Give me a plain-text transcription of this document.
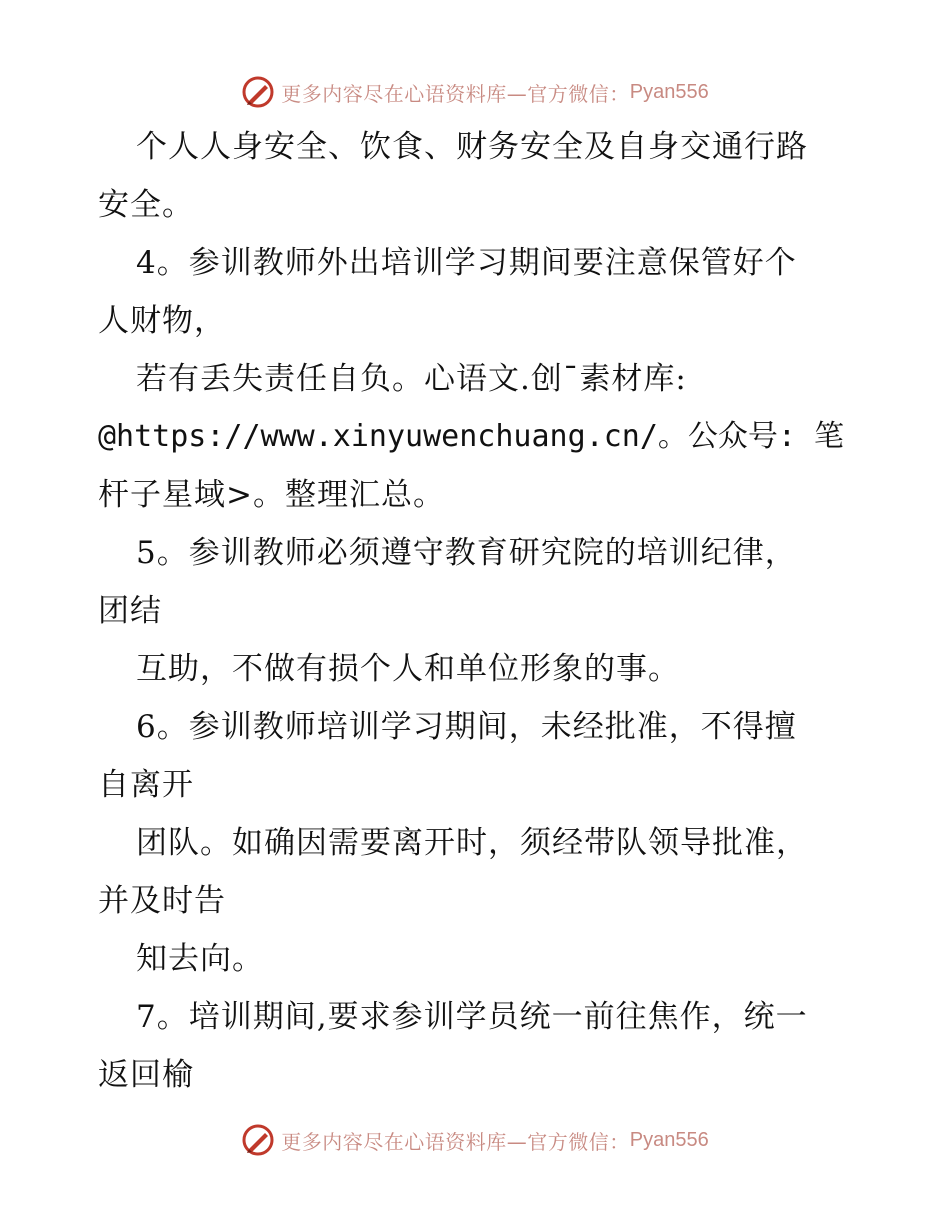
更多内容尽在心语资料库—官方微信： Pyan556
个人人身安全、饮食、财务安全及自身交通行路
安全。
4。参训教师外出培训学习期间要注意保管好个
人财物，
若有丢失责任自负。心语文.创¯素材库:
@https://www.xinyuwenchuang.cn/。公众号: 笔
杆子星域>。整理汇总。
5。参训教师必须遵守教育研究院的培训纪律，
团结
互助，不做有损个人和单位形象的事。
6。参训教师培训学习期间，未经批准，不得擅
自离开
团队。如确因需要离开时，须经带队领导批准，
并及时告
知去向。
7。培训期间,要求参训学员统一前往焦作，统一
返回榆
更多内容尽在心语资料库—官方微信： Pyan556
